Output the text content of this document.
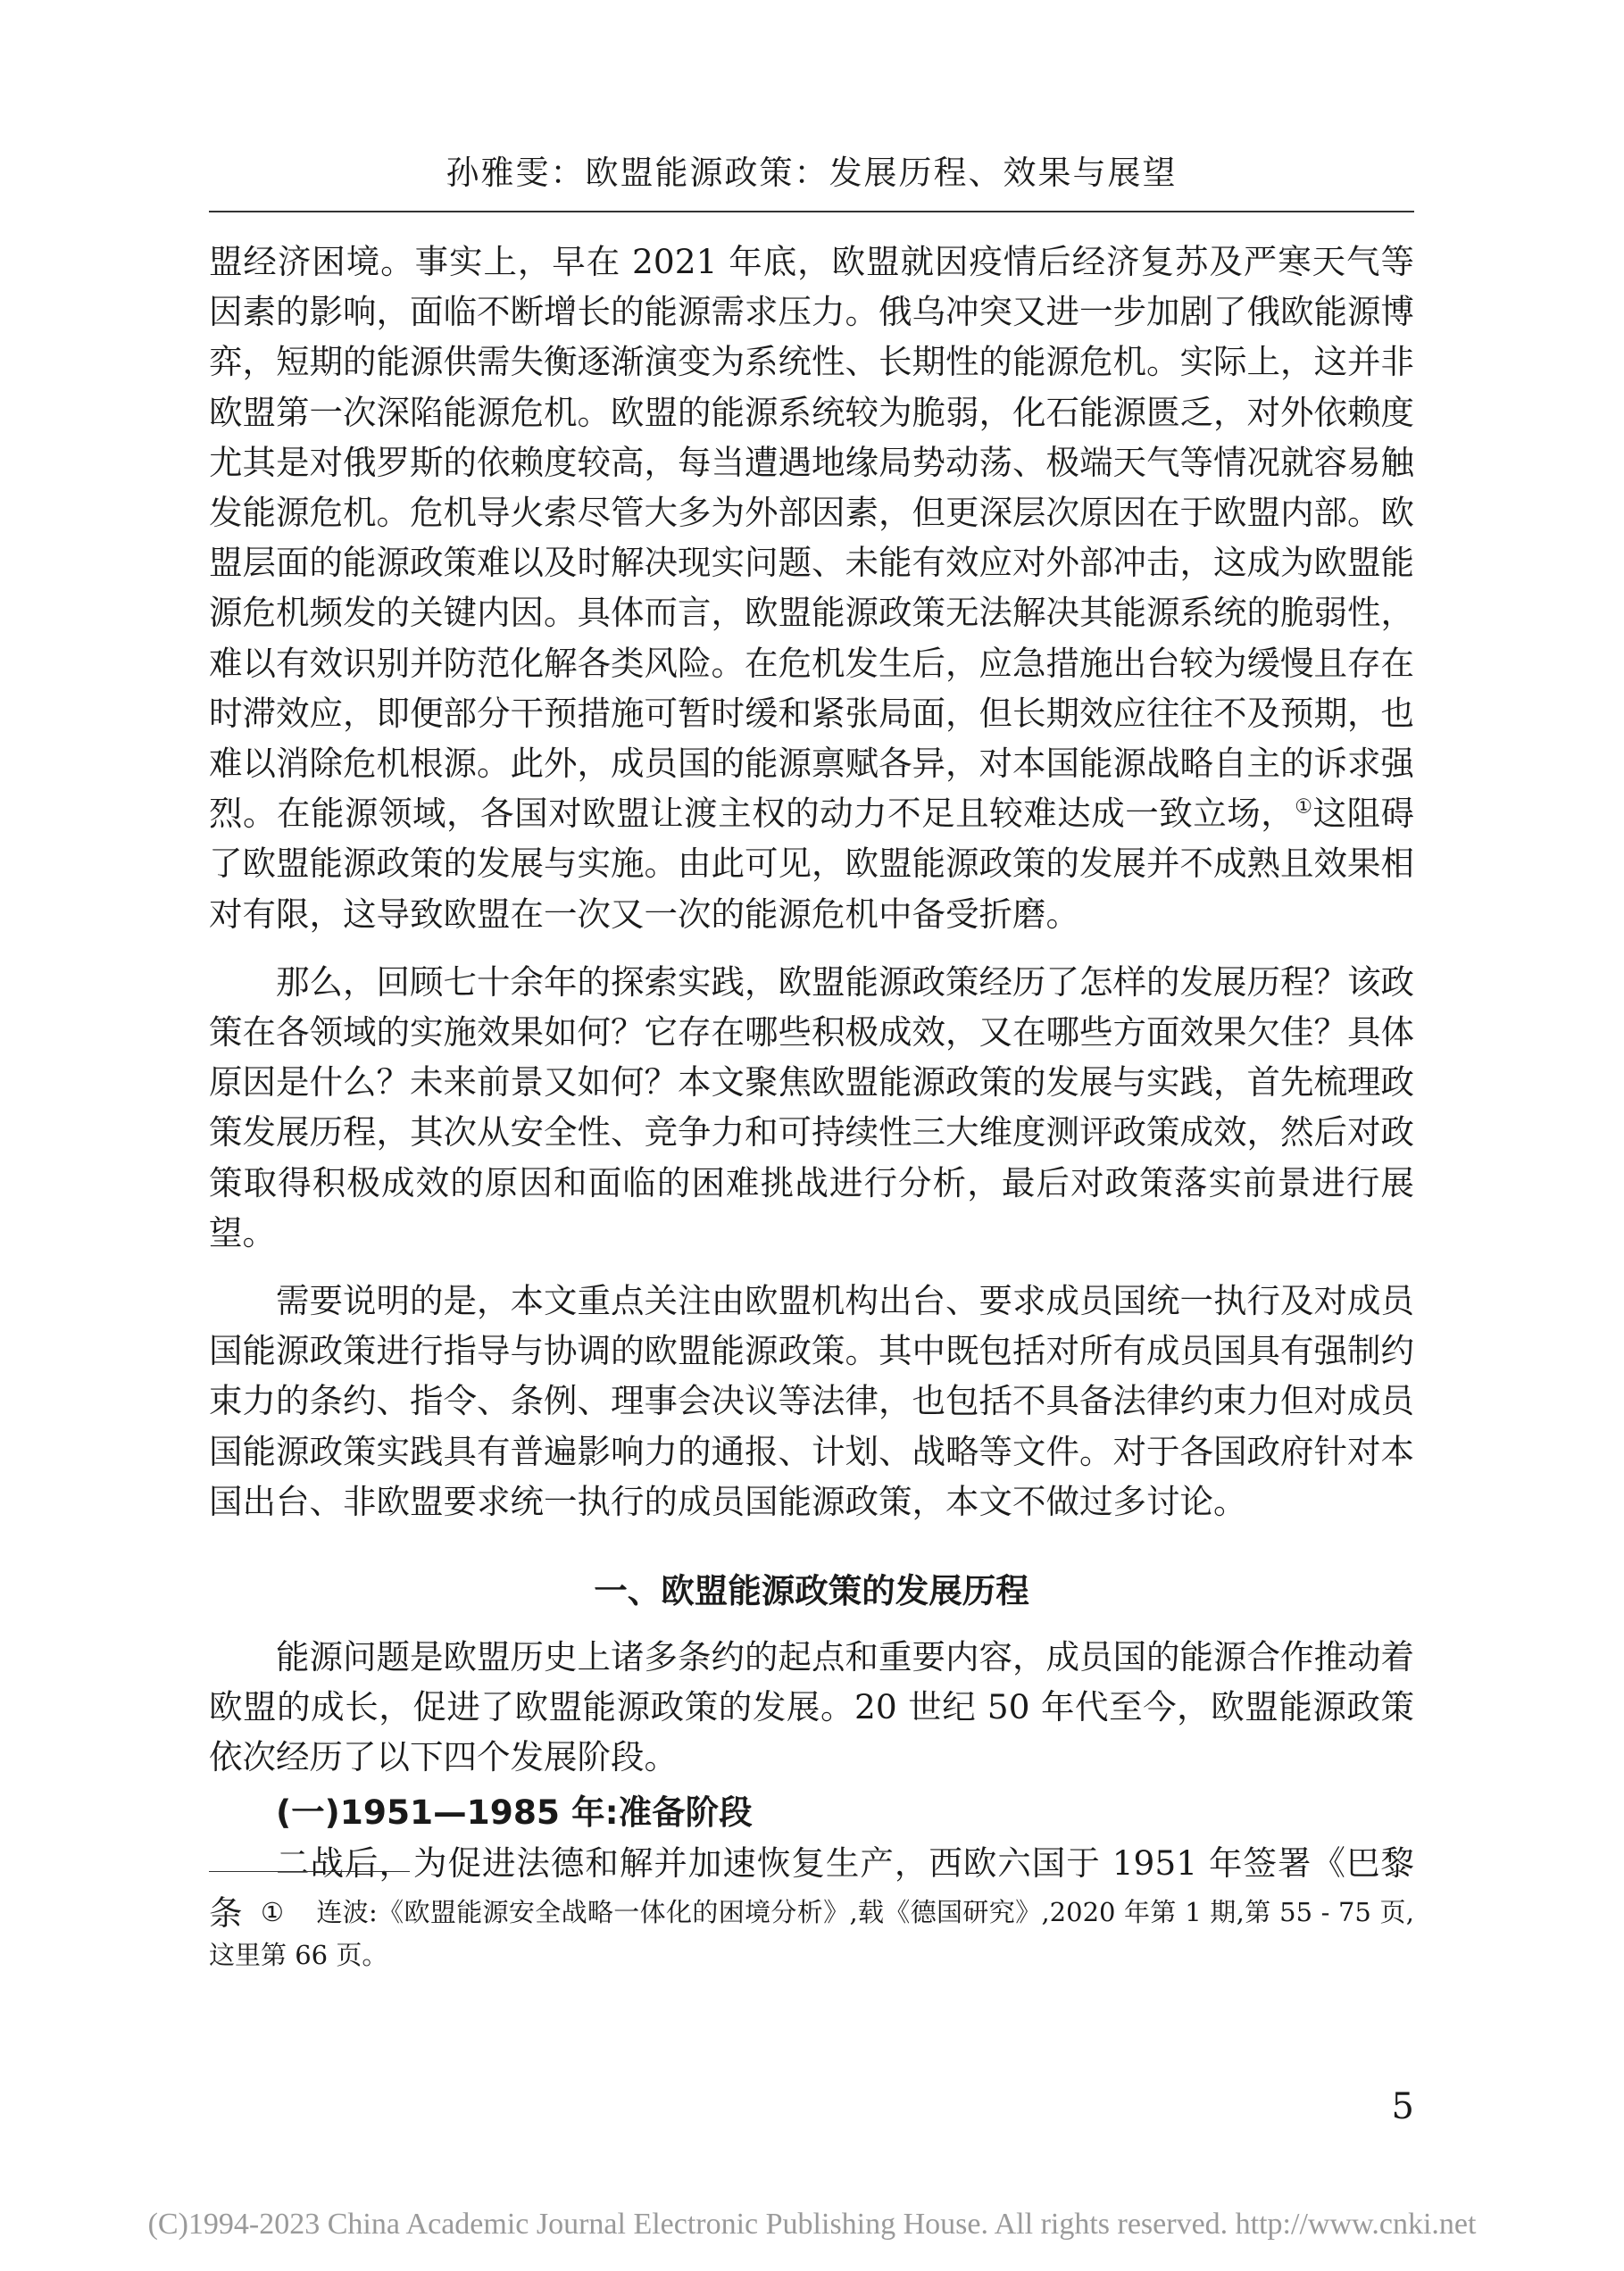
孙雅雯：欧盟能源政策：发展历程、效果与展望

盟经济困境。事实上，早在 2021 年底，欧盟就因疫情后经济复苏及严寒天气等因素的影响，面临不断增长的能源需求压力。俄乌冲突又进一步加剧了俄欧能源博弈，短期的能源供需失衡逐渐演变为系统性、长期性的能源危机。实际上，这并非欧盟第一次深陷能源危机。欧盟的能源系统较为脆弱，化石能源匮乏，对外依赖度尤其是对俄罗斯的依赖度较高，每当遭遇地缘局势动荡、极端天气等情况就容易触发能源危机。危机导火索尽管大多为外部因素，但更深层次原因在于欧盟内部。欧盟层面的能源政策难以及时解决现实问题、未能有效应对外部冲击，这成为欧盟能源危机频发的关键内因。具体而言，欧盟能源政策无法解决其能源系统的脆弱性，难以有效识别并防范化解各类风险。在危机发生后，应急措施出台较为缓慢且存在时滞效应，即便部分干预措施可暂时缓和紧张局面，但长期效应往往不及预期，也难以消除危机根源。此外，成员国的能源禀赋各异，对本国能源战略自主的诉求强烈。在能源领域，各国对欧盟让渡主权的动力不足且较难达成一致立场，①这阻碍了欧盟能源政策的发展与实施。由此可见，欧盟能源政策的发展并不成熟且效果相对有限，这导致欧盟在一次又一次的能源危机中备受折磨。

那么，回顾七十余年的探索实践，欧盟能源政策经历了怎样的发展历程？该政策在各领域的实施效果如何？它存在哪些积极成效，又在哪些方面效果欠佳？具体原因是什么？未来前景又如何？本文聚焦欧盟能源政策的发展与实践，首先梳理政策发展历程，其次从安全性、竞争力和可持续性三大维度测评政策成效，然后对政策取得积极成效的原因和面临的困难挑战进行分析，最后对政策落实前景进行展望。

需要说明的是，本文重点关注由欧盟机构出台、要求成员国统一执行及对成员国能源政策进行指导与协调的欧盟能源政策。其中既包括对所有成员国具有强制约束力的条约、指令、条例、理事会决议等法律，也包括不具备法律约束力但对成员国能源政策实践具有普遍影响力的通报、计划、战略等文件。对于各国政府针对本国出台、非欧盟要求统一执行的成员国能源政策，本文不做过多讨论。

一、欧盟能源政策的发展历程

能源问题是欧盟历史上诸多条约的起点和重要内容，成员国的能源合作推动着欧盟的成长，促进了欧盟能源政策的发展。20 世纪 50 年代至今，欧盟能源政策依次经历了以下四个发展阶段。

(一)1951—1985 年:准备阶段

二战后，为促进法德和解并加速恢复生产，西欧六国于 1951 年签署《巴黎条 ① 连波:《欧盟能源安全战略一体化的困境分析》,载《德国研究》,2020 年第 1 期,第 55 - 75 页,这里第 66 页。
5
(C)1994-2023 China Academic Journal Electronic Publishing House. All rights reserved. http://www.cnki.net
